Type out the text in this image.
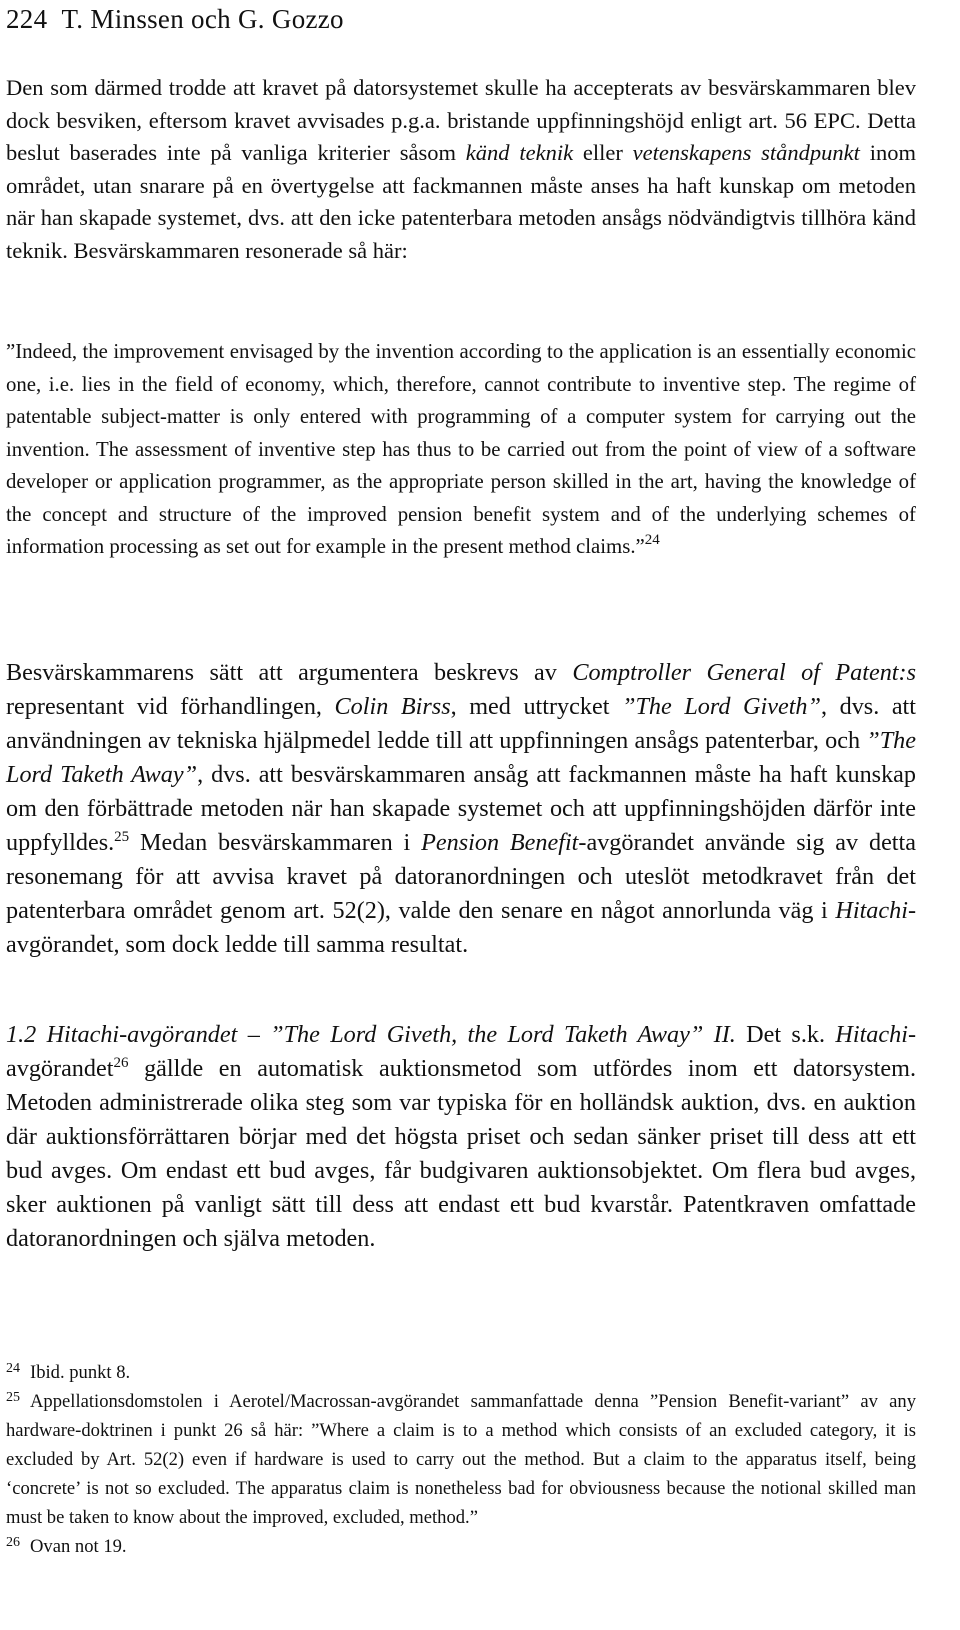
224 T. Minssen och G. Gozzo

Den som därmed trodde att kravet på datorsystemet skulle ha accepterats av besvärskammaren blev dock besviken, eftersom kravet avvisades p.g.a. bristande uppfinningshöjd enligt art. 56 EPC. Detta beslut baserades inte på vanliga kriterier såsom känd teknik eller vetenskapens ståndpunkt inom området, utan snarare på en övertygelse att fackmannen måste anses ha haft kunskap om metoden när han skapade systemet, dvs. att den icke patenterbara metoden ansågs nödvändigtvis tillhöra känd teknik. Besvärskammaren resonerade så här:

”Indeed, the improvement envisaged by the invention according to the application is an essentially economic one, i.e. lies in the field of economy, which, therefore, cannot contribute to inventive step. The regime of patentable subject-matter is only entered with programming of a computer system for carrying out the invention. The assessment of inventive step has thus to be carried out from the point of view of a software developer or application programmer, as the appropriate person skilled in the art, having the knowledge of the concept and structure of the improved pension benefit system and of the underlying schemes of information processing as set out for example in the present method claims.”$^{24}$

Besvärskammarens sätt att argumentera beskrevs av Comptroller General of Patent:s representant vid förhandlingen, Colin Birss, med uttrycket ”The Lord Giveth”, dvs. att användningen av tekniska hjälpmedel ledde till att uppfinningen ansågs patenterbar, och ”The Lord Taketh Away”, dvs. att besvärskammaren ansåg att fackmannen måste ha haft kunskap om den förbättrade metoden när han skapade systemet och att uppfinningshöjden därför inte uppfylldes.$^{25}$ Medan besvärskammaren i Pension Benefit-avgörandet använde sig av detta resonemang för att avvisa kravet på datoranordningen och uteslöt metodkravet från det patenterbara området genom art. 52(2), valde den senare en något annorlunda väg i Hitachi-avgörandet, som dock ledde till samma resultat.

1.2 Hitachi-avgörandet – ”The Lord Giveth, the Lord Taketh Away” II. Det s.k. Hitachi-avgörandet$^{26}$ gällde en automatisk auktionsmetod som utfördes inom ett datorsystem. Metoden administrerade olika steg som var typiska för en holländsk auktion, dvs. en auktion där auktionsförrättaren börjar med det högsta priset och sedan sänker priset till dess att ett bud avges. Om endast ett bud avges, får budgivaren auktionsobjektet. Om flera bud avges, sker auktionen på vanligt sätt till dess att endast ett bud kvarstår. Patentkraven omfattade datoranordningen och själva metoden.

$^{24}$ Ibid. punkt 8.

$^{25}$ Appellationsdomstolen i Aerotel/Macrossan-avgörandet sammanfattade denna ”Pension Benefit-variant” av any hardware-doktrinen i punkt 26 så här: ”Where a claim is to a method which consists of an excluded category, it is excluded by Art. 52(2) even if hardware is used to carry out the method. But a claim to the apparatus itself, being ‘concrete’ is not so excluded. The apparatus claim is nonetheless bad for obviousness because the notional skilled man must be taken to know about the improved, excluded, method.”

$^{26}$ Ovan not 19.
